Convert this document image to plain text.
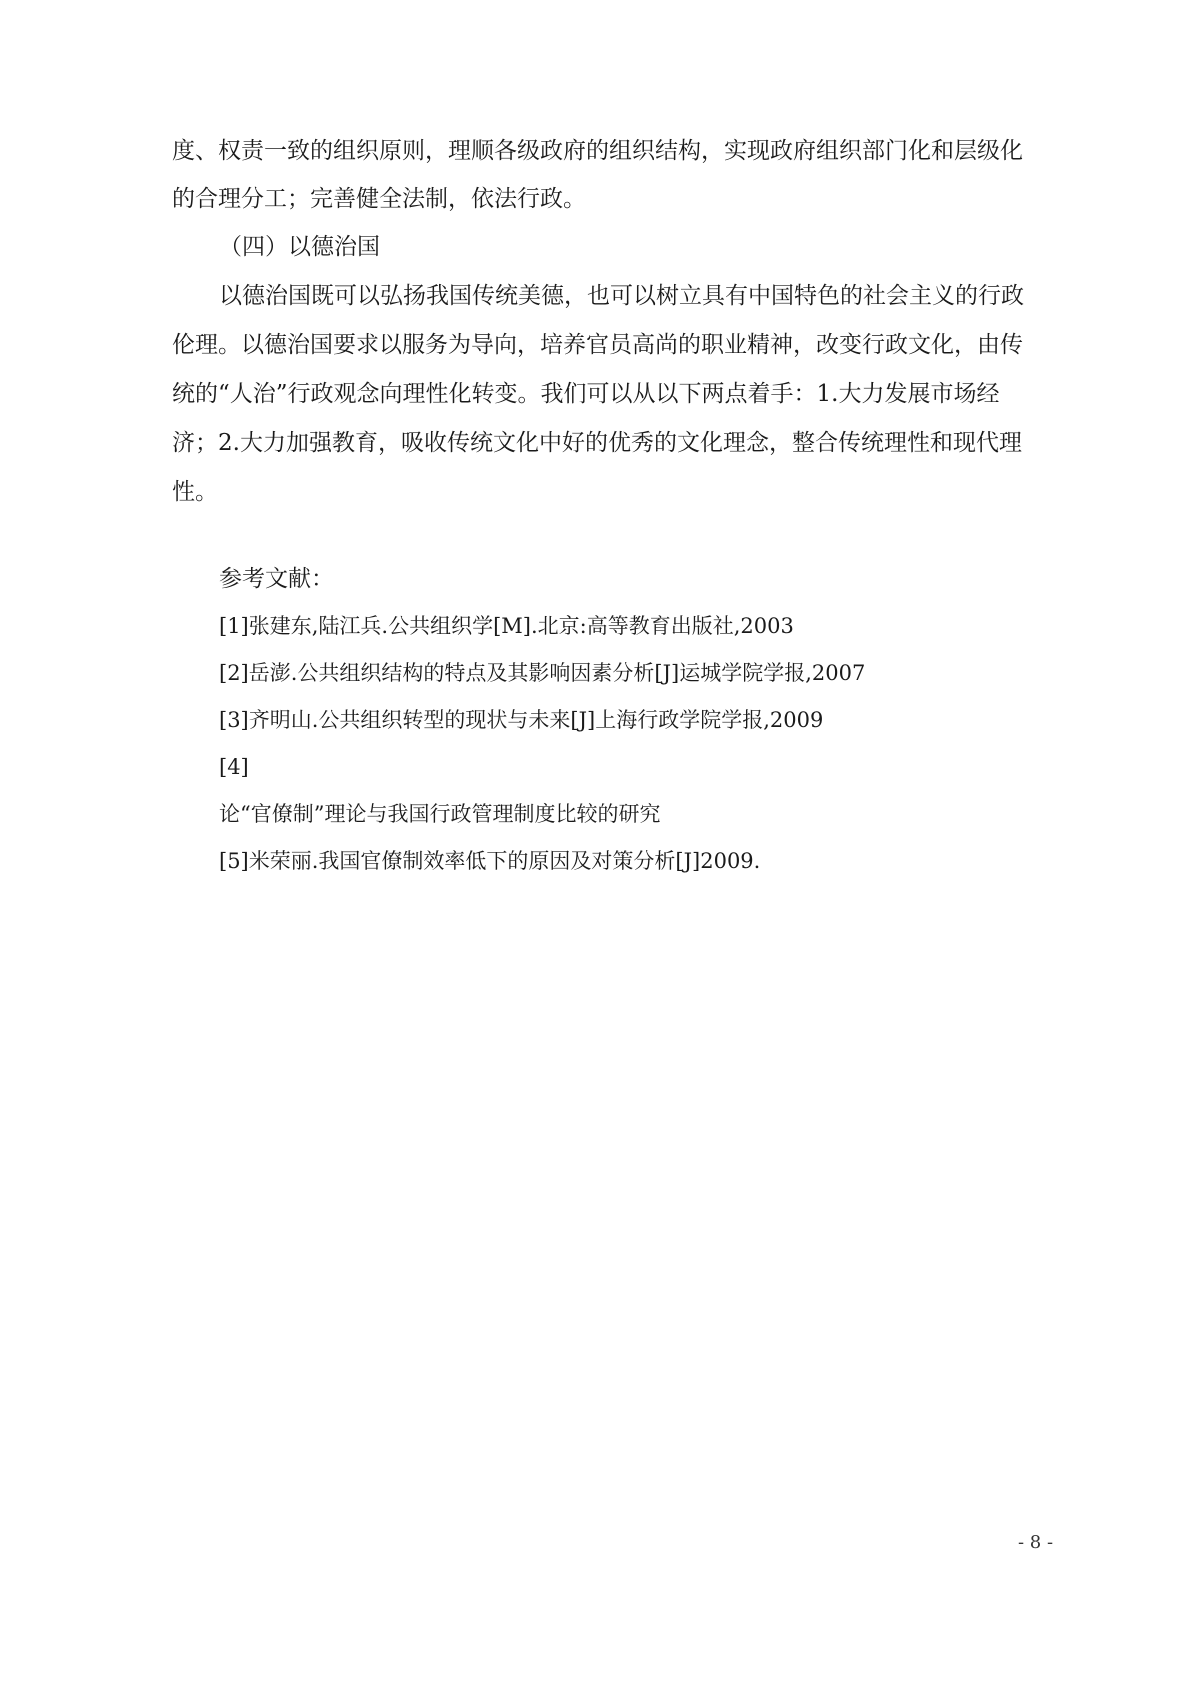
度、权责一致的组织原则，理顺各级政府的组织结构，实现政府组织部门化和层级化
的合理分工；完善健全法制，依法行政。
（四）以德治国
以德治国既可以弘扬我国传统美德，也可以树立具有中国特色的社会主义的行政
伦理。以德治国要求以服务为导向，培养官员高尚的职业精神，改变行政文化，由传
统的“人治”行政观念向理性化转变。我们可以从以下两点着手：1.大力发展市场经
济；2.大力加强教育，吸收传统文化中好的优秀的文化理念，整合传统理性和现代理
性。
参考文献：
[1]张建东,陆江兵.公共组织学[M].北京:高等教育出版社,2003
[2]岳澎.公共组织结构的特点及其影响因素分析[J]运城学院学报,2007
[3]齐明山.公共组织转型的现状与未来[J]上海行政学院学报,2009
[4]
论“官僚制”理论与我国行政管理制度比较的研究
[5]米荣丽.我国官僚制效率低下的原因及对策分析[J]2009.
- 8 -
